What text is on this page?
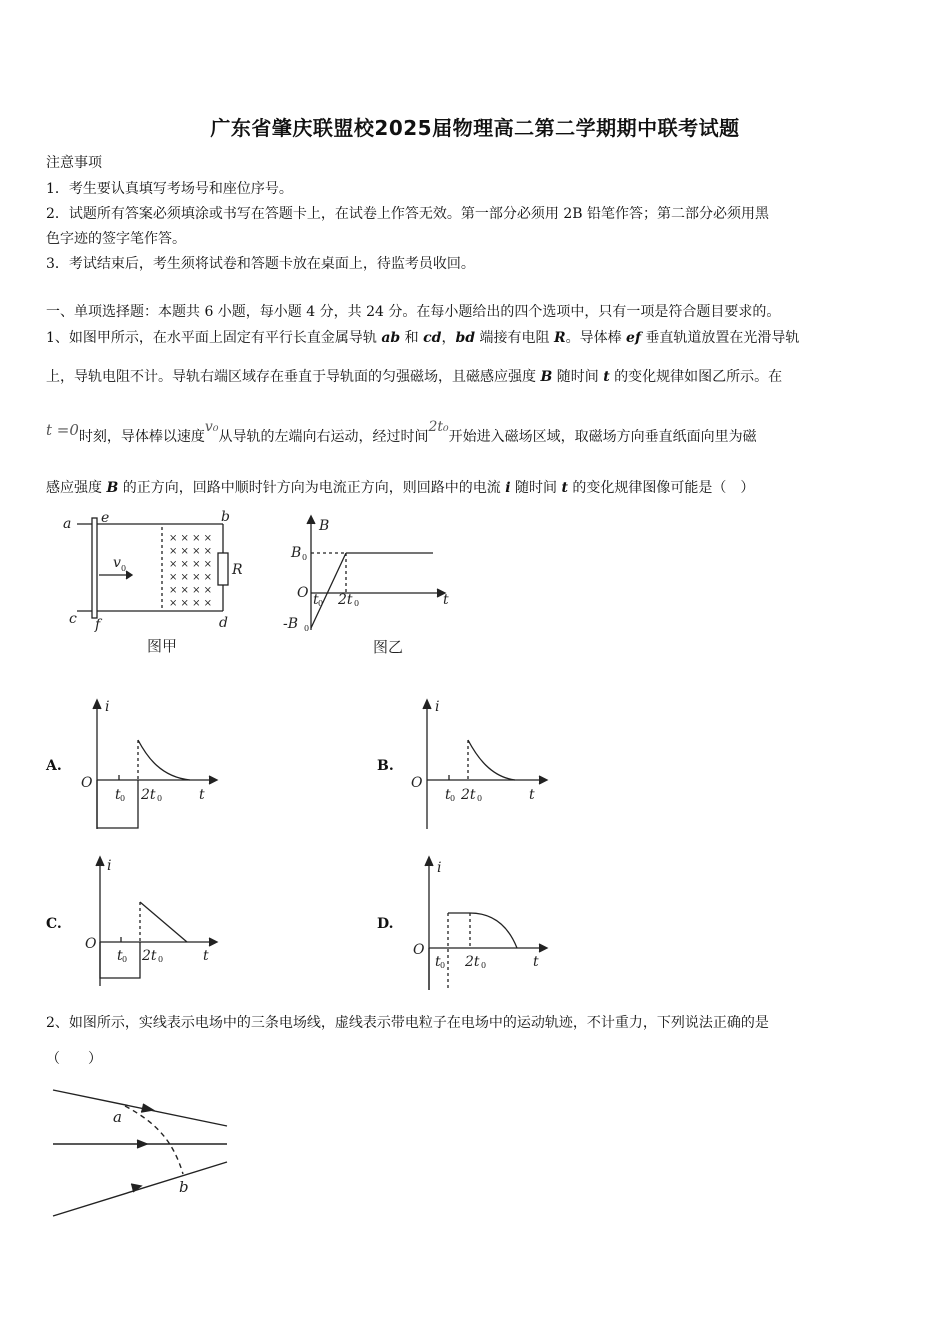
广东省肇庆联盟校2025届物理高二第二学期期中联考试题
注意事项
1．考生要认真填写考场号和座位序号。
2．试题所有答案必须填涂或书写在答题卡上，在试卷上作答无效。第一部分必须用 2B 铅笔作答；第二部分必须用黑
色字迹的签字笔作答。
3．考试结束后，考生须将试卷和答题卡放在桌面上，待监考员收回。
一、单项选择题：本题共 6 小题，每小题 4 分，共 24 分。在每小题给出的四个选项中，只有一项是符合题目要求的。
1、如图甲所示，在水平面上固定有平行长直金属导轨 ab 和 cd，bd 端接有电阻 R。导体棒 ef 垂直轨道放置在光滑导轨
上，导轨电阻不计。导轨右端区域存在垂直于导轨面的匀强磁场，且磁感应强度 B 随时间 t 的变化规律如图乙所示。在
t =0时刻，导体棒以速度v₀从导轨的左端向右运动，经过时间2t₀开始进入磁场区域，取磁场方向垂直纸面向里为磁
感应强度 B 的正方向，回路中顺时针方向为电流正方向，则回路中的电流 i 随时间 t 的变化规律图像可能是（　）
× × × ×
× × × ×
× × × ×
× × × ×
× × × ×
× × × ×
a e	b
c f	d
R
v 0
图甲
B
B
O
-B
t 2t	t
0
0
0	0
图乙
A.	B.
C.	D.
i
O
t 2t	t
0	0
i
O
t 2t	t
0	0
i
O
t 2t	t
0	0
i
O
t 2t	t
0	0
2、如图所示，实线表示电场中的三条电场线，虚线表示带电粒子在电场中的运动轨迹，不计重力，下列说法正确的是
（　　）
a
b
